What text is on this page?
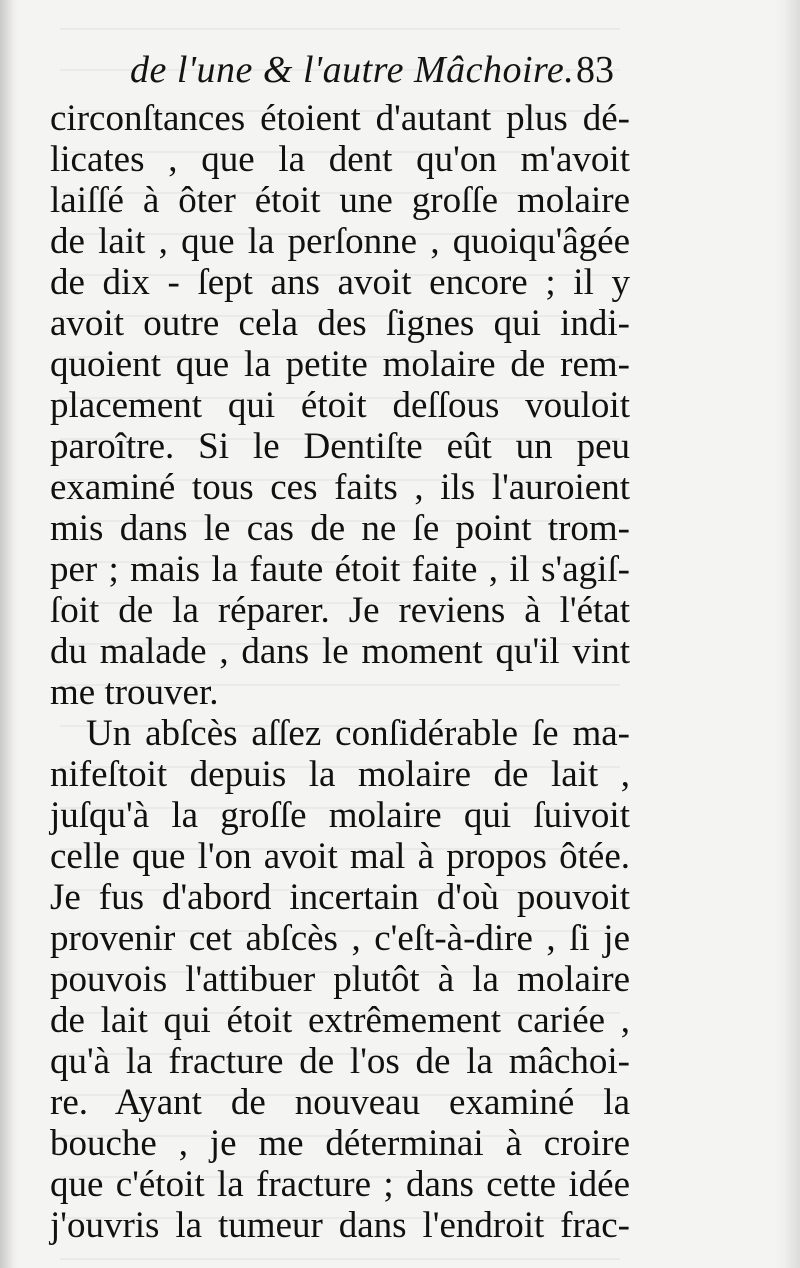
de l'une & l'autre Mâchoire. 83
circonſtances étoient d'autant plus dé-
licates , que la dent qu'on m'avoit
laiſſé à ôter étoit une groſſe molaire
de lait , que la perſonne , quoiqu'âgée
de dix - ſept ans avoit encore ; il y
avoit outre cela des ſignes qui indi-
quoient que la petite molaire de rem-
placement qui étoit deſſous vouloit
paroître. Si le Dentiſte eût un peu
examiné tous ces faits , ils l'auroient
mis dans le cas de ne ſe point trom-
per ; mais la faute étoit faite , il s'agiſ-
ſoit de la réparer. Je reviens à l'état
du malade , dans le moment qu'il vint
me trouver.
Un abſcès aſſez conſidérable ſe ma-
nifeſtoit depuis la molaire de lait ,
juſqu'à la groſſe molaire qui ſuivoit
celle que l'on avoit mal à propos ôtée.
Je fus d'abord incertain d'où pouvoit
provenir cet abſcès , c'eſt-à-dire , ſi je
pouvois l'attibuer plutôt à la molaire
de lait qui étoit extrêmement cariée ,
qu'à la fracture de l'os de la mâchoi-
re. Ayant de nouveau examiné la
bouche , je me déterminai à croire
que c'étoit la fracture ; dans cette idée
j'ouvris la tumeur dans l'endroit frac-
